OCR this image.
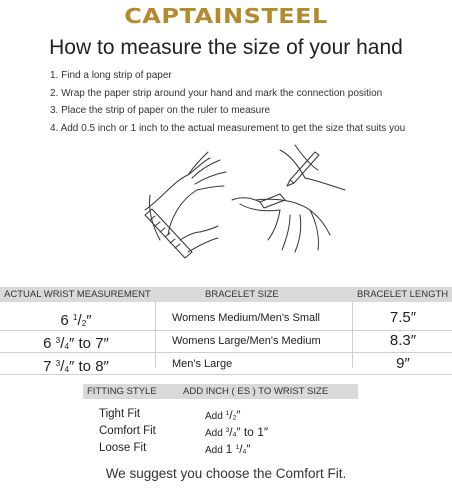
CAPTAINSTEEL
How to measure the size of your hand
1. Find a long strip of paper
2. Wrap the paper strip around your hand and mark the connection position
3. Place the strip of paper on the ruler to measure
4. Add 0.5 inch or 1 inch to the actual measurement to get the size that suits you
ACTUAL WRIST MEASUREMENT	BRACELET SIZE	BRACELET LENGTH
6 $^1/_2''$	Womens Medium/Men's Small	7.5″
6 $^3/_4''$ to 7″	Womens Large/Men's Medium	8.3″
7 $^3/_4''$ to 8″	Men's Large	9″
FITTING STYLE	ADD INCH ( ES ) TO WRIST SIZE
Tight Fit	Add $^1/_2''$
Comfort Fit	Add $^3/_4''$ to 1″
Loose Fit	Add 1 $^1/_4''$
We suggest you choose the Comfort Fit.
